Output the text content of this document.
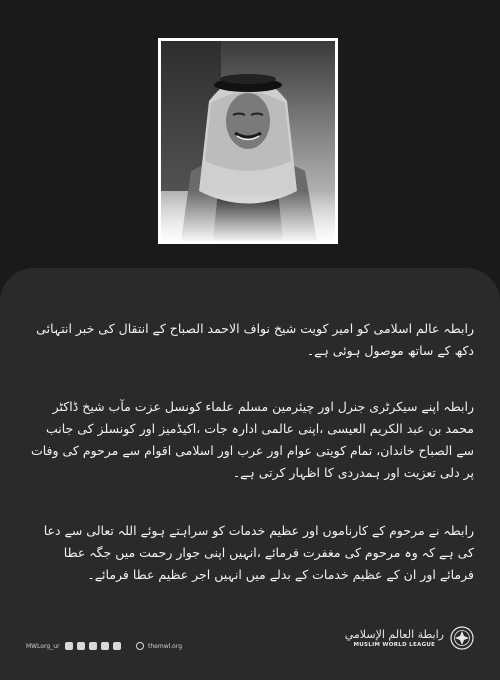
رابطہ عالم اسلامی کو امیر کویت شیخ نواف الاحمد الصباح کے انتقال کی خبر انتہائی دکھ کے ساتھ موصول ہوئی ہے۔

رابطہ اپنے سیکرٹری جنرل اور چیئرمین مسلم علماء کونسل عزت مآب شیخ ڈاکٹر محمد بن عبد الکریم العیسی ،اپنی عالمی ادارہ جات ،اکیڈمیز اور کونسلز کی جانب سے الصباح خاندان، تمام کویتی عوام اور عرب اور اسلامی اقوام سے مرحوم کی وفات پر دلی تعزیت اور ہمدردی کا اظہار کرتی ہے۔

رابطہ نے مرحوم کے کارناموں اور عظیم خدمات کو سراہتے ہوئے اللہ تعالی سے دعا کی ہے کہ وہ مرحوم کی مغفرت فرمائے ،انہیں اپنی جوار رحمت میں جگہ عطا فرمائے اور ان کے عظیم خدمات کے بدلے میں انہیں اجر عظیم عطا فرمائے۔

MWLorg_ur	themwl.org
رابطة العالم الإسلامي
MUSLIM WORLD LEAGUE
